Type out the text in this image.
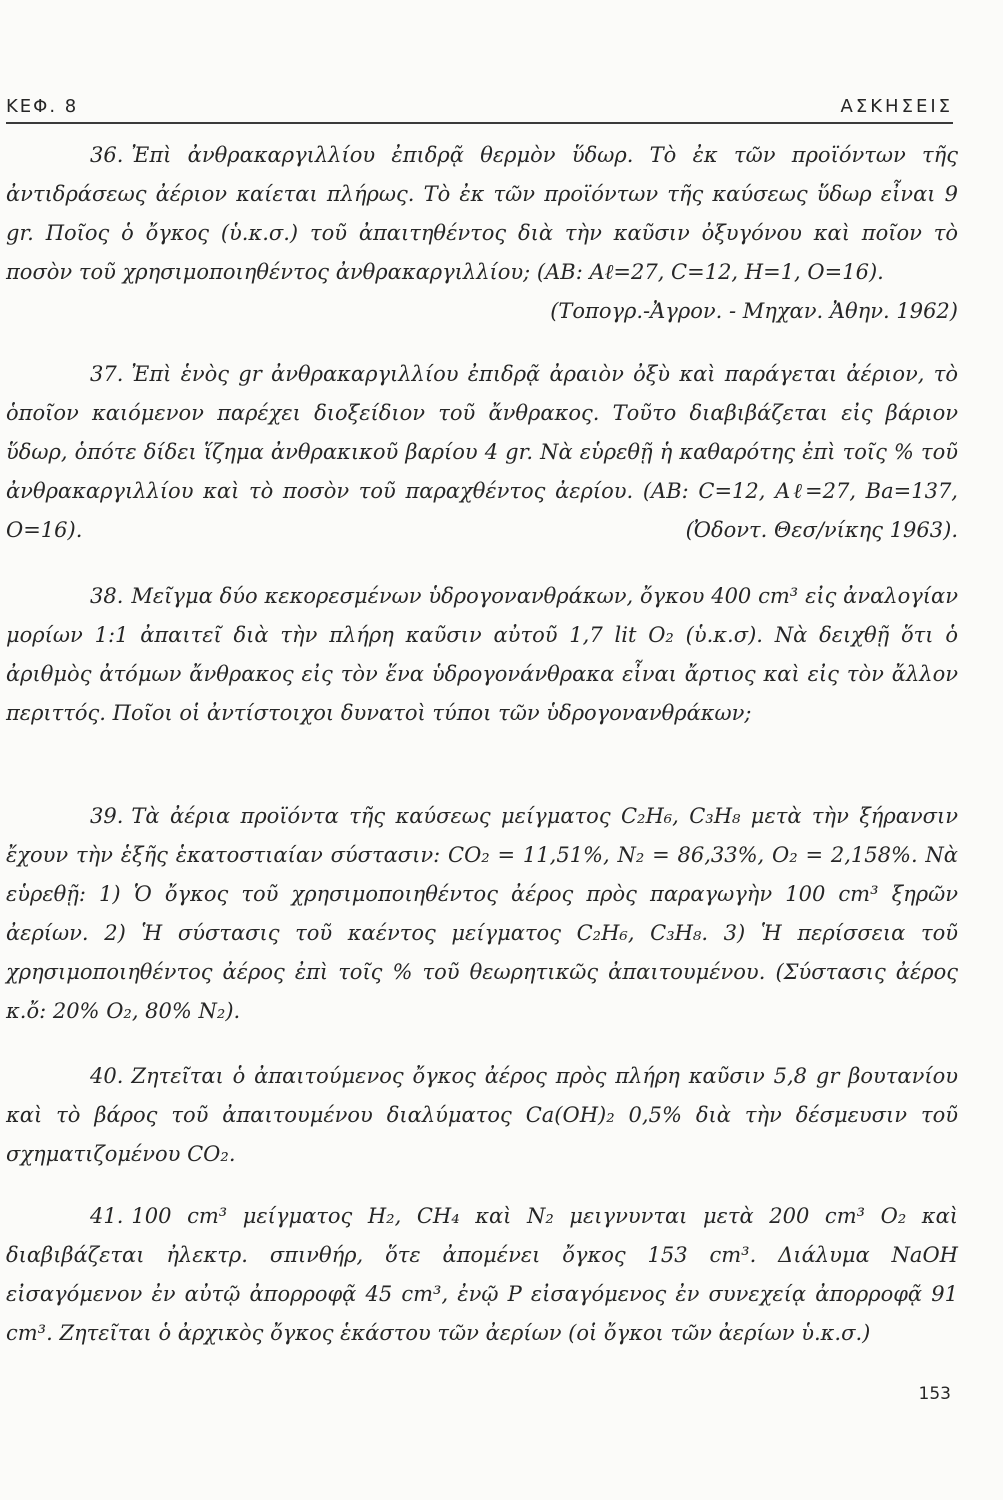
ΚΕΦ. 8	ΑΣΚΗΣΕΙΣ

36. Ἐπὶ ἀνθρακαργιλλίου ἐπιδρᾷ θερμὸν ὕδωρ. Τὸ ἐκ τῶν προϊόντων τῆς ἀντιδράσεως ἀέριον καίεται πλήρως. Τὸ ἐκ τῶν προϊόντων τῆς καύσεως ὕδωρ εἶναι 9 gr. Ποῖος ὁ ὄγκος (ὑ.κ.σ.) τοῦ ἀπαιτηθέντος διὰ τὴν καῦσιν ὀξυγόνου καὶ ποῖον τὸ ποσὸν τοῦ χρησιμοποιηθέντος ἀνθρακαργιλλίου; (ΑΒ: Αℓ=27, C=12, H=1, O=16).
(Τοπογρ.-Ἀγρον. - Μηχαν. Ἀθην. 1962)

37. Ἐπὶ ἑνὸς gr ἀνθρακαργιλλίου ἐπιδρᾷ ἀραιὸν ὀξὺ καὶ παράγεται ἀέριον, τὸ ὁποῖον καιόμενον παρέχει διοξείδιον τοῦ ἄνθρακος. Τοῦτο διαβιβάζεται εἰς βάριον ὕδωρ, ὁπότε δίδει ἵζημα ἀνθρακικοῦ βαρίου 4 gr. Νὰ εὑρεθῇ ἡ καθαρότης ἐπὶ τοῖς % τοῦ ἀνθρακαργιλλίου καὶ τὸ ποσὸν τοῦ παραχθέντος ἀερίου. (ΑΒ: C=12, Αℓ=27, Ba=137, O=16).	(Ὀδοντ. Θεσ/νίκης 1963).

38. Μεῖγμα δύο κεκορεσμένων ὑδρογονανθράκων, ὄγκου 400 cm³ εἰς ἀναλογίαν μορίων 1:1 ἀπαιτεῖ διὰ τὴν πλήρη καῦσιν αὐτοῦ 1,7 lit O₂ (ὑ.κ.σ). Νὰ δειχθῇ ὅτι ὁ ἀριθμὸς ἀτόμων ἄνθρακος εἰς τὸν ἕνα ὑδρογονάνθρακα εἶναι ἄρτιος καὶ εἰς τὸν ἄλλον περιττός. Ποῖοι οἱ ἀντίστοιχοι δυνατοὶ τύποι τῶν ὑδρογονανθράκων;

39. Τὰ ἀέρια προϊόντα τῆς καύσεως μείγματος C₂H₆, C₃H₈ μετὰ τὴν ξήρανσιν ἔχουν τὴν ἑξῆς ἑκατοστιαίαν σύστασιν: CO₂ = 11,51%, N₂ = 86,33%, O₂ = 2,158%. Νὰ εὑρεθῇ: 1) Ὁ ὄγκος τοῦ χρησιμοποιηθέντος ἀέρος πρὸς παραγωγὴν 100 cm³ ξηρῶν ἀερίων. 2) Ἡ σύστασις τοῦ καέντος μείγματος C₂H₆, C₃H₈. 3) Ἡ περίσσεια τοῦ χρησιμοποιηθέντος ἀέρος ἐπὶ τοῖς % τοῦ θεωρητικῶς ἀπαιτουμένου. (Σύστασις ἀέρος κ.ὄ: 20% O₂, 80% N₂).

40. Ζητεῖται ὁ ἀπαιτούμενος ὄγκος ἀέρος πρὸς πλήρη καῦσιν 5,8 gr βουτανίου καὶ τὸ βάρος τοῦ ἀπαιτουμένου διαλύματος Ca(OH)₂ 0,5% διὰ τὴν δέσμευσιν τοῦ σχηματιζομένου CO₂.

41. 100 cm³ μείγματος H₂, CH₄ καὶ N₂ μειγνυνται μετὰ 200 cm³ O₂ καὶ διαβιβάζεται ἠλεκτρ. σπινθήρ, ὅτε ἀπομένει ὄγκος 153 cm³. Διάλυμα NaOH εἰσαγόμενον ἐν αὐτῷ ἀπορροφᾷ 45 cm³, ἐνῷ P εἰσαγόμενος ἐν συνεχείᾳ ἀπορροφᾷ 91 cm³. Ζητεῖται ὁ ἀρχικὸς ὄγκος ἑκάστου τῶν ἀερίων (οἱ ὄγκοι τῶν ἀερίων ὑ.κ.σ.)

153
